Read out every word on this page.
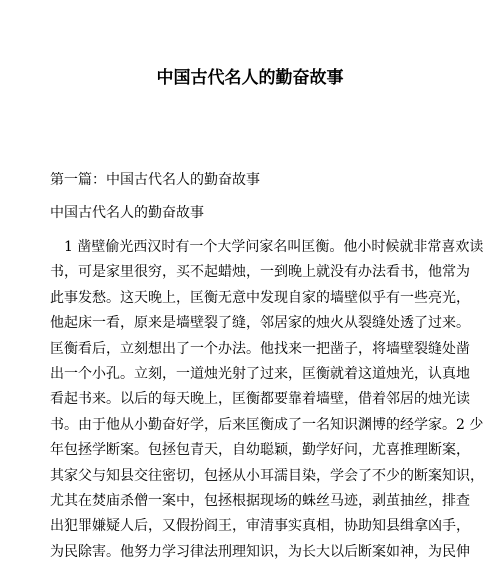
中国古代名人的勤奋故事
第一篇：中国古代名人的勤奋故事
中国古代名人的勤奋故事
1 凿壁偷光西汉时有一个大学问家名叫匡衡。他小时候就非常喜欢读
书，可是家里很穷，买不起蜡烛，一到晚上就没有办法看书，他常为
此事发愁。这天晚上，匡衡无意中发现自家的墙壁似乎有一些亮光，
他起床一看，原来是墙壁裂了缝，邻居家的烛火从裂缝处透了过来。
匡衡看后，立刻想出了一个办法。他找来一把凿子，将墙壁裂缝处凿
出一个小孔。立刻，一道烛光射了过来，匡衡就着这道烛光，认真地
看起书来。以后的每天晚上，匡衡都要靠着墙壁，借着邻居的烛光读
书。由于他从小勤奋好学，后来匡衡成了一名知识渊博的经学家。2 少
年包拯学断案。包拯包青天，自幼聪颖，勤学好问，尤喜推理断案，
其家父与知县交往密切，包拯从小耳濡目染，学会了不少的断案知识，
尤其在焚庙杀僧一案中，包拯根据现场的蛛丝马迹，剥茧抽丝，排查
出犯罪嫌疑人后，又假扮阎王，审清事实真相，协助知县缉拿凶手，
为民除害。他努力学习律法刑理知识，为长大以后断案如神，为民伸
